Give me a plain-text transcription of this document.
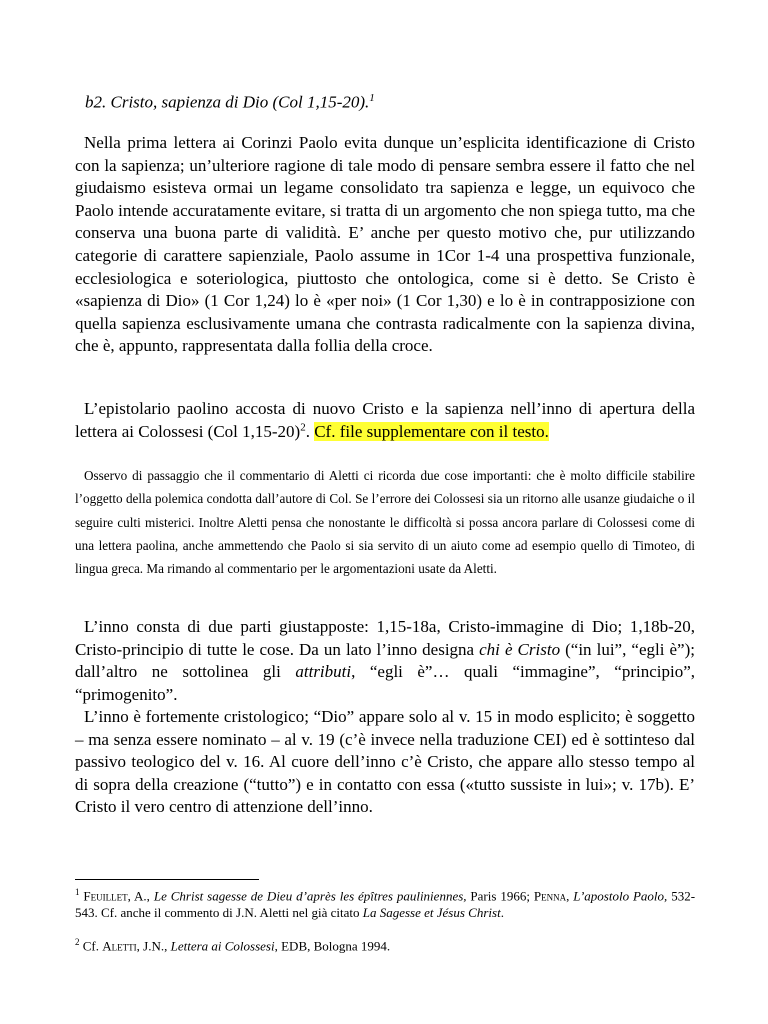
b2. Cristo, sapienza di Dio (Col 1,15-20).$^1$
Nella prima lettera ai Corinzi Paolo evita dunque un’esplicita identificazione di Cristo con la sapienza; un’ulteriore ragione di tale modo di pensare sembra essere il fatto che nel giudaismo esisteva ormai un legame consolidato tra sapienza e legge, un equivoco che Paolo intende accuratamente evitare, si tratta di un argomento che non spiega tutto, ma che conserva una buona parte di validità. E’ anche per questo motivo che, pur utilizzando categorie di carattere sapienziale, Paolo assume in 1Cor 1-4 una prospettiva funzionale, ecclesiologica e soteriologica, piuttosto che ontologica, come si è detto. Se Cristo è «sapienza di Dio» (1 Cor 1,24) lo è «per noi» (1 Cor 1,30) e lo è in contrapposizione con quella sapienza esclusivamente umana che contrasta radicalmente con la sapienza divina, che è, appunto, rappresentata dalla follia della croce.
L’epistolario paolino accosta di nuovo Cristo e la sapienza nell’inno di apertura della lettera ai Colossesi (Col 1,15-20)$^2$. Cf. file supplementare con il testo.
Osservo di passaggio che il commentario di Aletti ci ricorda due cose importanti: che è molto difficile stabilire l’oggetto della polemica condotta dall’autore di Col. Se l’errore dei Colossesi sia un ritorno alle usanze giudaiche o il seguire culti misterici. Inoltre Aletti pensa che nonostante le difficoltà si possa ancora parlare di Colossesi come di una lettera paolina, anche ammettendo che Paolo si sia servito di un aiuto come ad esempio quello di Timoteo, di lingua greca. Ma rimando al commentario per le argomentazioni usate da Aletti.
L’inno consta di due parti giustapposte: 1,15-18a, Cristo-immagine di Dio; 1,18b-20, Cristo-principio di tutte le cose. Da un lato l’inno designa chi è Cristo (“in lui”, “egli è”); dall’altro ne sottolinea gli attributi, “egli è”… quali “immagine”, “principio”, “primogenito”.
L’inno è fortemente cristologico; “Dio” appare solo al v. 15 in modo esplicito; è soggetto – ma senza essere nominato – al v. 19 (c’è invece nella traduzione CEI) ed è sottinteso dal passivo teologico del v. 16. Al cuore dell’inno c’è Cristo, che appare allo stesso tempo al di sopra della creazione (“tutto”) e in contatto con essa («tutto sussiste in lui»; v. 17b). E’ Cristo il vero centro di attenzione dell’inno.
$^1$ Feuillet, A., Le Christ sagesse de Dieu d’après les épîtres pauliniennes, Paris 1966; Penna, L’apostolo Paolo, 532-543. Cf. anche il commento di J.N. Aletti nel già citato La Sagesse et Jésus Christ.
$^2$ Cf. Aletti, J.N., Lettera ai Colossesi, EDB, Bologna 1994.
